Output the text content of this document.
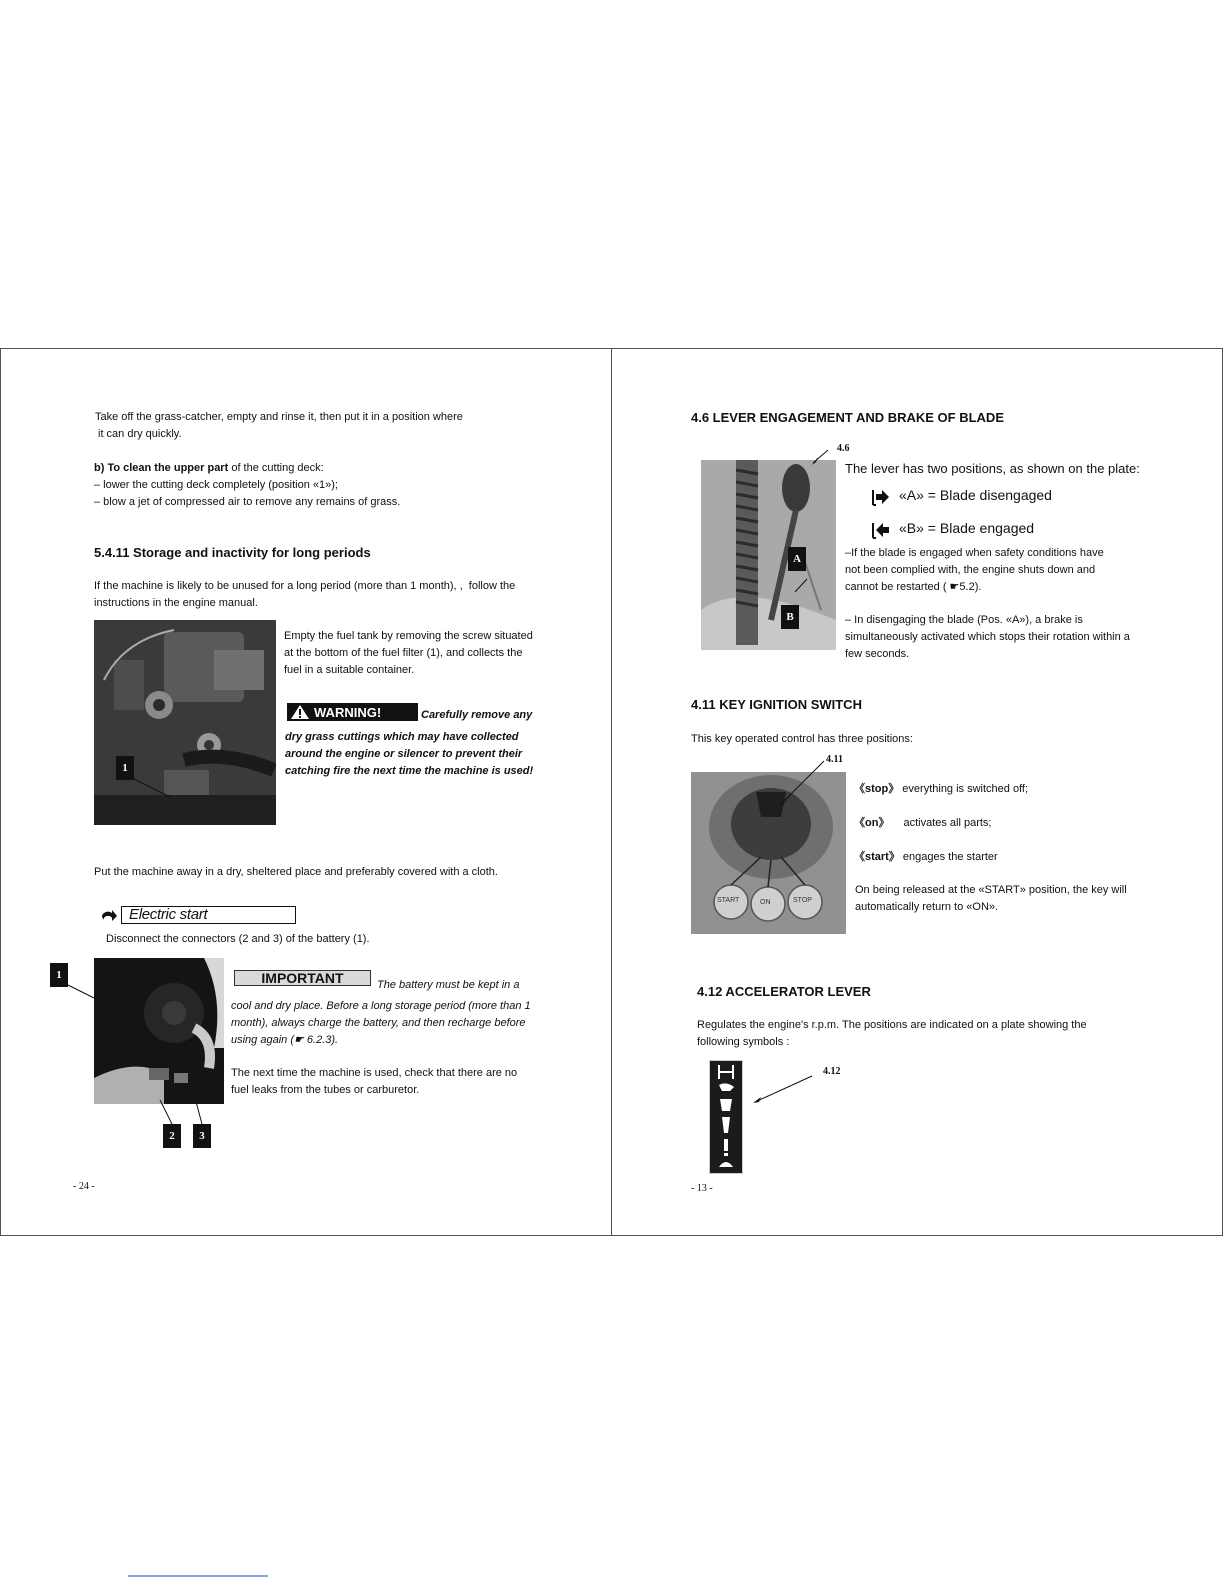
Take off the grass-catcher, empty and rinse it, then put it in a position where
it can dry quickly.
b) To clean the upper part of the cutting deck:
– lower the cutting deck completely (position «1»);
– blow a jet of compressed air to remove any remains of grass.
5.4.11 Storage and inactivity for long periods
If the machine is likely to be unused for a long period (more than 1 month), ,  follow the
instructions in the engine manual.
1
Empty the fuel tank by removing the screw situated
at the bottom of the fuel filter (1), and collects the
fuel in a suitable container.
WARNING!	Carefully remove any
dry grass cuttings which may have collected
around the engine or silencer to prevent their
catching fire the next time the machine is used!
Put the machine away in a dry, sheltered place and preferably covered with a cloth.
Electric start
Disconnect the connectors (2 and 3) of the battery (1).
1
2	3
IMPORTANT	The battery must be kept in a
cool and dry place. Before a long storage period (more than 1
month), always charge the battery, and then recharge before
using again (☛ 6.2.3).
The next time the machine is used, check that there are no
fuel leaks from the tubes or carburetor.
- 24 -
4.6 LEVER ENGAGEMENT AND BRAKE OF BLADE
4.6
A
B
The lever has two positions, as shown on the plate:
«A» = Blade disengaged
«B» = Blade engaged
–If the blade is engaged when safety conditions have
not been complied with, the engine shuts down and
cannot be restarted ( ☛5.2).
– In disengaging the blade (Pos. «A»), a brake is
simultaneously activated which stops their rotation within a
few seconds.
4.11 KEY IGNITION SWITCH
This key operated control has three positions:
4.11
START	ON	STOP
《stop》 everything is switched off;
《on》 activates all parts;
《start》 engages the starter
On being released at the «START» position, the key will
automatically return to «ON».
4.12 ACCELERATOR LEVER
Regulates the engine's r.p.m. The positions are indicated on a plate showing the
following symbols :
4.12
- 13 -
